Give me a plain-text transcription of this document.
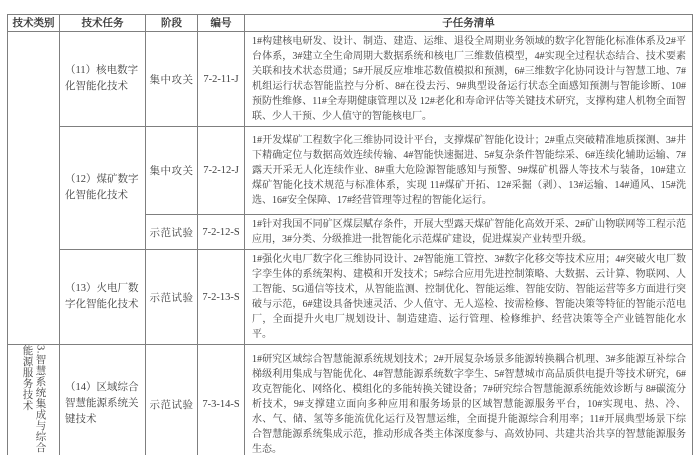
技术类别	技术任务	阶段	编号	子任务清单
	（11）核电数字化智能化技术	集中攻关	7-2-11-J	1#构建核电研发、设计、制造、建造、运维、退役全周期业务领域的数字化智能化标准体系及2#平台体系，3#建立全生命周期大数据系统和核电厂三维数值模型，4#实现全过程状态结合、技术要素关联和技术状态贯通；5#开展反应堆堆芯数值模拟和预测，6#三维数字化协同设计与智慧工地、7#机组运行状态智能监控与分析、8#在役去污、9#典型设备运行状态全面感知预测与智能诊断、10#预防性维修、11#全寿期健康管理以及 12#老化和寿命评估等关键技术研究，支撑构建人机物全面智联、少人干预、少人值守的智能核电厂。
	（12）煤矿数字化智能化技术	集中攻关	7-2-12-J	1#开发煤矿工程数字化三维协同设计平台，支撑煤矿智能化设计；2#重点突破精准地质探测、3#井下精确定位与数据高效连续传输、4#智能快速掘进、5#复杂条件智能综采、6#连续化辅助运输、7#露天开采无人化连续作业、8#重大危险源智能感知与预警、9#煤矿机器人等技术与装备，10#建立煤矿智能化技术规范与标准体系，实现 11#煤矿开拓、12#采掘（剥）、13#运输、14#通风、15#洗选、16#安全保障、17#经营管理等过程的智能化运行。
		示范试验	7-2-12-S	1#针对我国不同矿区煤层赋存条件，开展大型露天煤矿智能化高效开采、2#矿山物联网等工程示范应用，3#分类、分级推进一批智能化示范煤矿建设，促进煤炭产业转型升级。
	（13）火电厂数字化智能化技术	示范试验	7-2-13-S	1#强化火电厂数字化三维协同设计、2#智能施工管控、3#数字化移交等技术应用；4#突破火电厂数字孪生体的系统架构、建模和开发技术；5#综合应用先进控制策略、大数据、云计算、物联网、人工智能、5G通信等技术，从智能监测、控制优化、智能运维、智能安防、智能运营等多方面进行突破与示范，6#建设具备快速灵活、少人值守、无人巡检、按需检修、智能决策等特征的智能示范电厂，全面提升火电厂规划设计、制造建造、运行管理、检修维护、经营决策等全产业链智能化水平。

3.智慧系统集成与综合能源服务技术	（14）区域综合智慧能源系统关键技术	示范试验	7-3-14-S	1#研究区域综合智慧能源系统规划技术；2#开展复杂场景多能源转换耦合机理、3#多能源互补综合梯级利用集成与智能优化、4#智慧能源系统数字孪生、5#智慧城市高品质供电提升等技术研究，6#攻克智能化、网络化、模组化的多能转换关键设备；7#研究综合智慧能源系统能效诊断与 8#碳流分析技术，9#支撑建立面向多种应用和服务场景的区域智慧能源服务平台，10#实现电、热、冷、水、气、储、氢等多能流优化运行及智慧运维，全面提升能源综合利用率；11#开展典型场景下综合智慧能源系统集成示范，推动形成各类主体深度参与、高效协同、共建共治共享的智慧能源服务生态。
